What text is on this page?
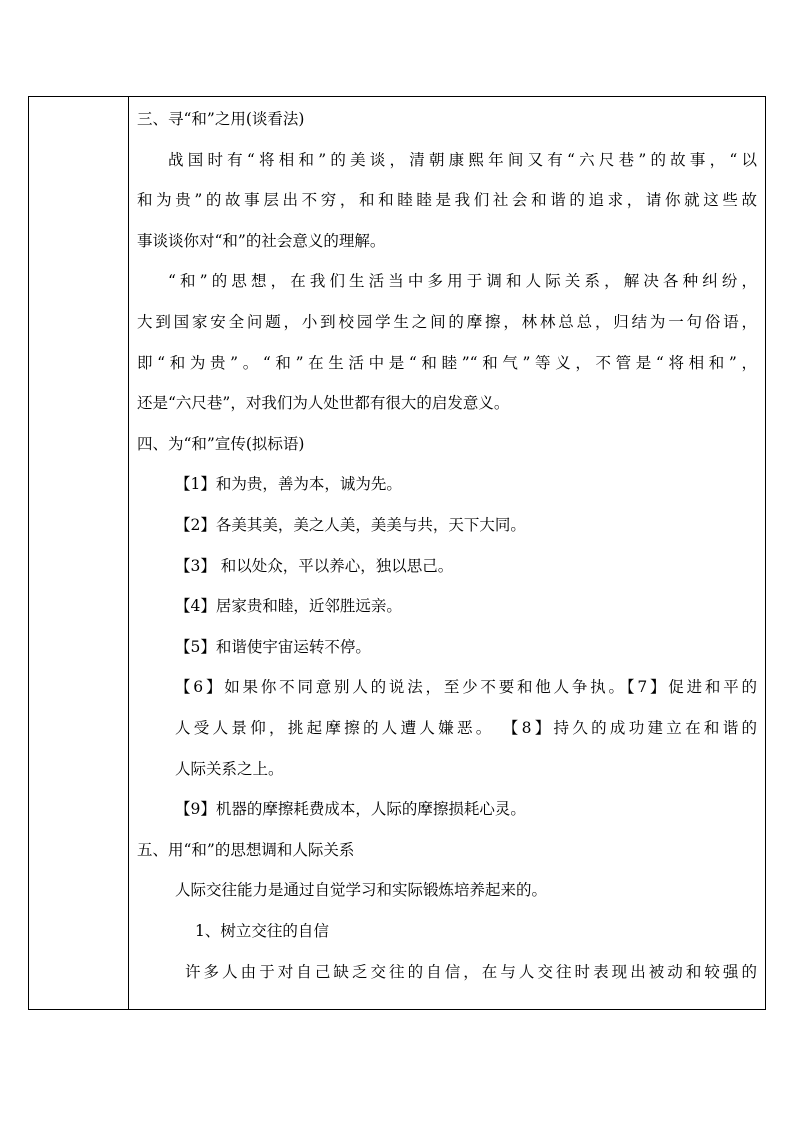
三、寻“和”之用(谈看法)
战国时有“将相和”的美谈，清朝康熙年间又有“六尺巷”的故事，“以
和为贵”的故事层出不穷，和和睦睦是我们社会和谐的追求，请你就这些故
事谈谈你对“和”的社会意义的理解。
“和”的思想，在我们生活当中多用于调和人际关系，解决各种纠纷，
大到国家安全问题，小到校园学生之间的摩擦，林林总总，归结为一句俗语，
即“和为贵”。“和”在生活中是“和睦”“和气”等义，不管是“将相和”，
还是“六尺巷”，对我们为人处世都有很大的启发意义。
四、为“和”宣传(拟标语)
【1】和为贵，善为本，诚为先。
【2】各美其美，美之人美，美美与共，天下大同。
【3】 和以处众，平以养心，独以思己。
【4】居家贵和睦，近邻胜远亲。
【5】和谐使宇宙运转不停。
【6】如果你不同意别人的说法，至少不要和他人争执。【7】促进和平的
人受人景仰，挑起摩擦的人遭人嫌恶。 【8】持久的成功建立在和谐的
人际关系之上。
【9】机器的摩擦耗费成本，人际的摩擦损耗心灵。
五、用“和”的思想调和人际关系
人际交往能力是通过自觉学习和实际锻炼培养起来的。
1、树立交往的自信
许多人由于对自己缺乏交往的自信，在与人交往时表现出被动和较强的
